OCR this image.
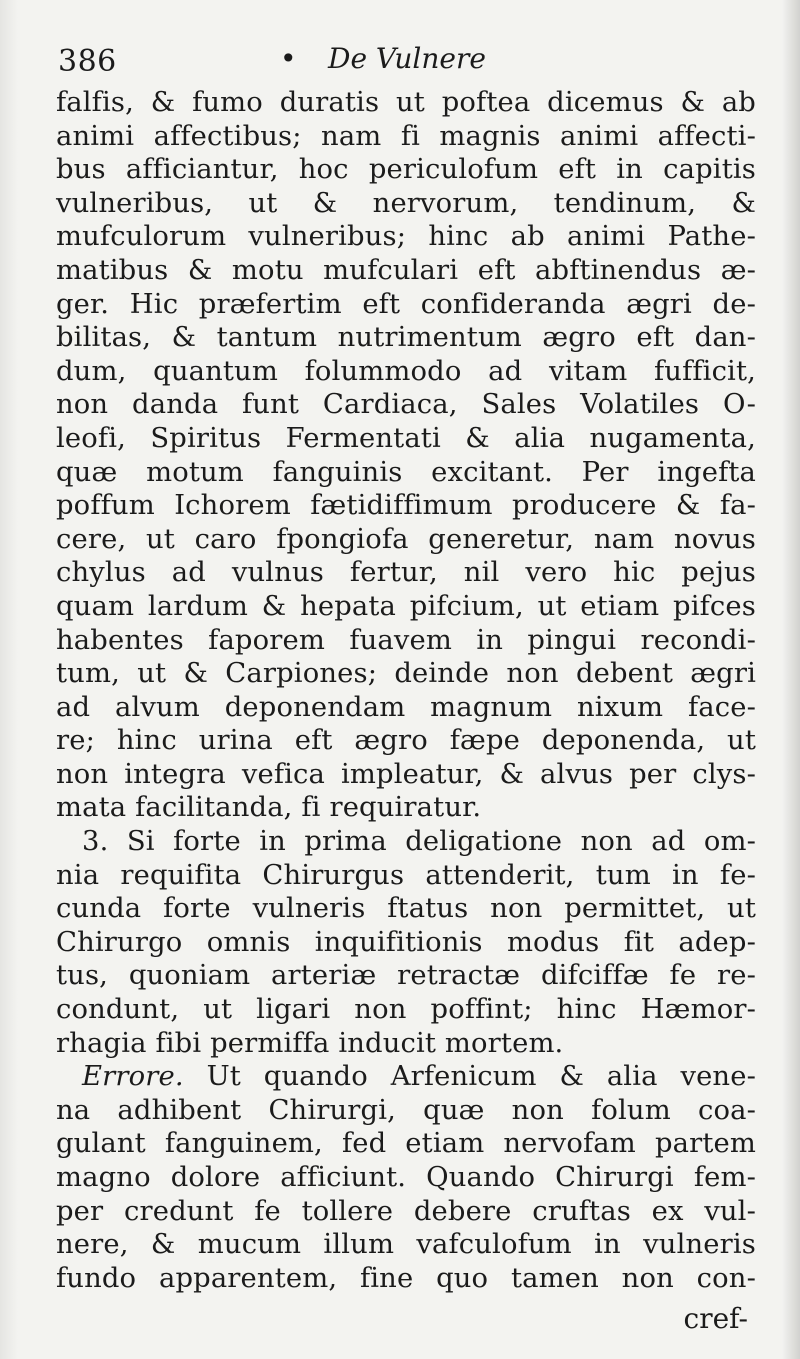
386	• De Vulnere
falfis, & fumo duratis ut poftea dicemus & ab
animi affectibus; nam fi magnis animi affecti-
bus afficiantur, hoc periculofum eft in capitis
vulneribus, ut & nervorum, tendinum, &
mufculorum vulneribus; hinc ab animi Pathe-
matibus & motu mufculari eft abftinendus æ-
ger. Hic præfertim eft confideranda ægri de-
bilitas, & tantum nutrimentum ægro eft dan-
dum, quantum folummodo ad vitam fufficit,
non danda funt Cardiaca, Sales Volatiles O-
leofi, Spiritus Fermentati & alia nugamenta,
quæ motum fanguinis excitant. Per ingefta
poffum Ichorem fætidiffimum producere & fa-
cere, ut caro fpongiofa generetur, nam novus
chylus ad vulnus fertur, nil vero hic pejus
quam lardum & hepata pifcium, ut etiam pifces
habentes faporem fuavem in pingui recondi-
tum, ut & Carpiones; deinde non debent ægri
ad alvum deponendam magnum nixum face-
re; hinc urina eft ægro fæpe deponenda, ut
non integra vefica impleatur, & alvus per clys-
mata facilitanda, fi requiratur.
3. Si forte in prima deligatione non ad om-
nia requifita Chirurgus attenderit, tum in fe-
cunda forte vulneris ftatus non permittet, ut
Chirurgo omnis inquifitionis modus fit adep-
tus, quoniam arteriæ retractæ difciffæ fe re-
condunt, ut ligari non poffint; hinc Hæmor-
rhagia fibi permiffa inducit mortem.
Errore. Ut quando Arfenicum & alia vene-
na adhibent Chirurgi, quæ non folum coa-
gulant fanguinem, fed etiam nervofam partem
magno dolore afficiunt. Quando Chirurgi fem-
per credunt fe tollere debere cruftas ex vul-
nere, & mucum illum vafculofum in vulneris
fundo apparentem, fine quo tamen non con-
cref-
